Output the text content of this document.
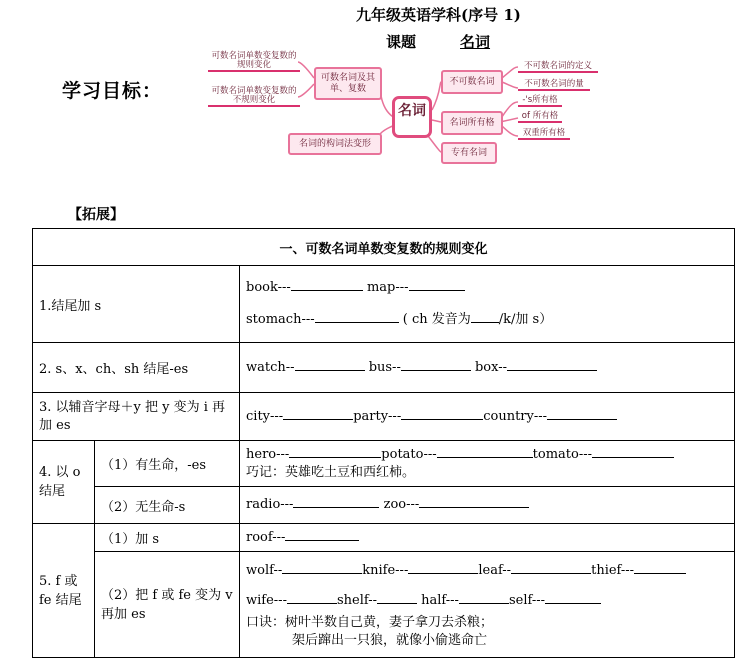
九年级英语学科(序号 1)
课题	名词
学习目标：
可数名词单数变复数的规则变化
可数名词单数变复数的不规则变化
可数名词及其单、复数
名词的构词法变形
名词
不可数名词
名词所有格
专有名词
不可数名词的定义
不可数名词的量
-'s所有格
of 所有格
双重所有格
【拓展】
一、可数名词单数变复数的规则变化		
1.结尾加 s		book--- map---
stomach--- ( ch 发音为 /k/加 s）

2. s、x、ch、sh 结尾-es		watch-- bus-- box--

3. 以辅音字母＋y 把 y 变为 i 再加 es		city--- party--- country---

4. 以 o 结尾	（1）有生命，-es	hero--- potato--- tomato---
巧记：英雄吃土豆和西红柿。

	（2）无生命-s	radio--- zoo---

5. f 或 fe 结尾	（1）加 s	roof---

	（2）把 f 或 fe 变为 v 再加 es	wolf-- knife--- leaf-- thief---
wife--- shelf-- half--- self---
口诀：树叶半数自己黄，妻子拿刀去杀粮；
架后蹿出一只狼，就像小偷逃命亡
